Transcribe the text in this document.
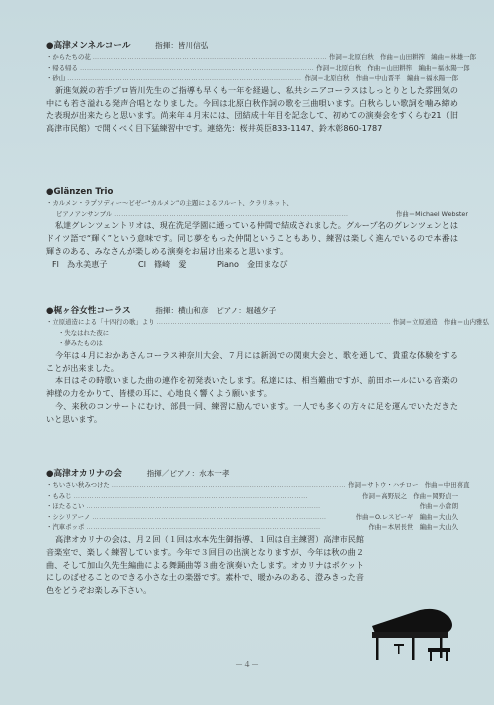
●高津メンネルコール	指揮：皆川信弘
・からたちの花 ………………………………………………………………………………………… 作詞＝北原白秋　作曲＝山田耕筰　編曲＝林雄一郎
・帰る帰る ………………………………………………………………………………………… 作詞＝北原白秋　作曲＝山田耕筰　編曲＝福永陽一郎
・砂山 ………………………………………………………………………………………… 作詞＝北原白秋　作曲＝中山晋平　編曲＝福永陽一郎
新進気鋭の若手プロ皆川先生のご指導も早くも一年を経過し、私共シニアコーラスはしっとりとした雰囲気の中にも若さ溢れる発声合唱となりました。今回は北原白秋作詞の歌を三曲唄います。白秋らしい歌詞を噛み締めた表現が出来たらと思います。尚来年４月末には、団結成十年目を記念して、初めての演奏会をすくらむ21（旧高津市民館）で開くべく目下猛練習中です。連絡先：桜井英臣833-1147、鈴木彰860-1787
●Glänzen Trio
・カルメン・ラプソディー～ビゼー“カルメン”の主題によるフルート、クラリネット、
ピアノアンサンブル …………………………………………………………………………………………	作曲＝Michael Webster
私達グレンツェントリオは、現在洗足学園に通っている仲間で結成されました。グループ名のグレンツェンとはドイツ語で“輝く”という意味です。同じ夢をもった仲間ということもあり、練習は楽しく進んでいるので本番は輝きのある、みなさんが楽しめる演奏をお届け出来ると思います。
Fl　為永美恵子	Cl　篠崎　愛	Piano　金田まなび
●梶ヶ谷女性コーラス	指揮：横山和彦　ピアノ：堀越夕子
・立原道造による「十四行の歌」より ………………………………………………………………………………………… 作詞＝立原道造　作曲＝山内雅弘
・失なはれた夜に
・夢みたものは
今年は４月におかあさんコーラス神奈川大会、７月には新潟での関東大会と、歌を通して、貴重な体験をすることが出来ました。
本日はその時歌いました曲の連作を初発表いたします。私達には、相当難曲ですが、前田ホールにいる音楽の神様の力をかりて、皆様の耳に、心地良く響くよう願います。
今、来秋のコンサートにむけ、部員一同、練習に励んでいます。一人でも多くの方々に足を運んでいただきたいと思います。
●高津オカリナの会	指揮／ピアノ：水本一孝
・ちいさい秋みつけた ………………………………………………………………………………………… 作詞＝サトウ・ハチロー　作曲＝中田喜直
・もみじ …………………………………………………………………………………………	作詞＝高野辰之　作曲＝岡野貞一
・ほたるこい …………………………………………………………………………………………	作曲＝小倉朗
・シシリアーノ …………………………………………………………………………………………	作曲＝O.レスピーギ　編曲＝大山久
・汽車ポッポ …………………………………………………………………………………………	作曲＝本居長世　編曲＝大山久
高津オカリナの会は、月２回（１回は水本先生御指導、１回は自主練習）高津市民館音楽室で、楽しく練習しています。今年で３回目の出演となりますが、今年は秋の曲２曲、そして加山久先生編曲による舞踊曲等３曲を演奏いたします。オカリナはポケットにしのばせることのできる小さな土の楽器です。素朴で、暖かみのある、澄みきった音色をどうぞお楽しみ下さい。
－４－
